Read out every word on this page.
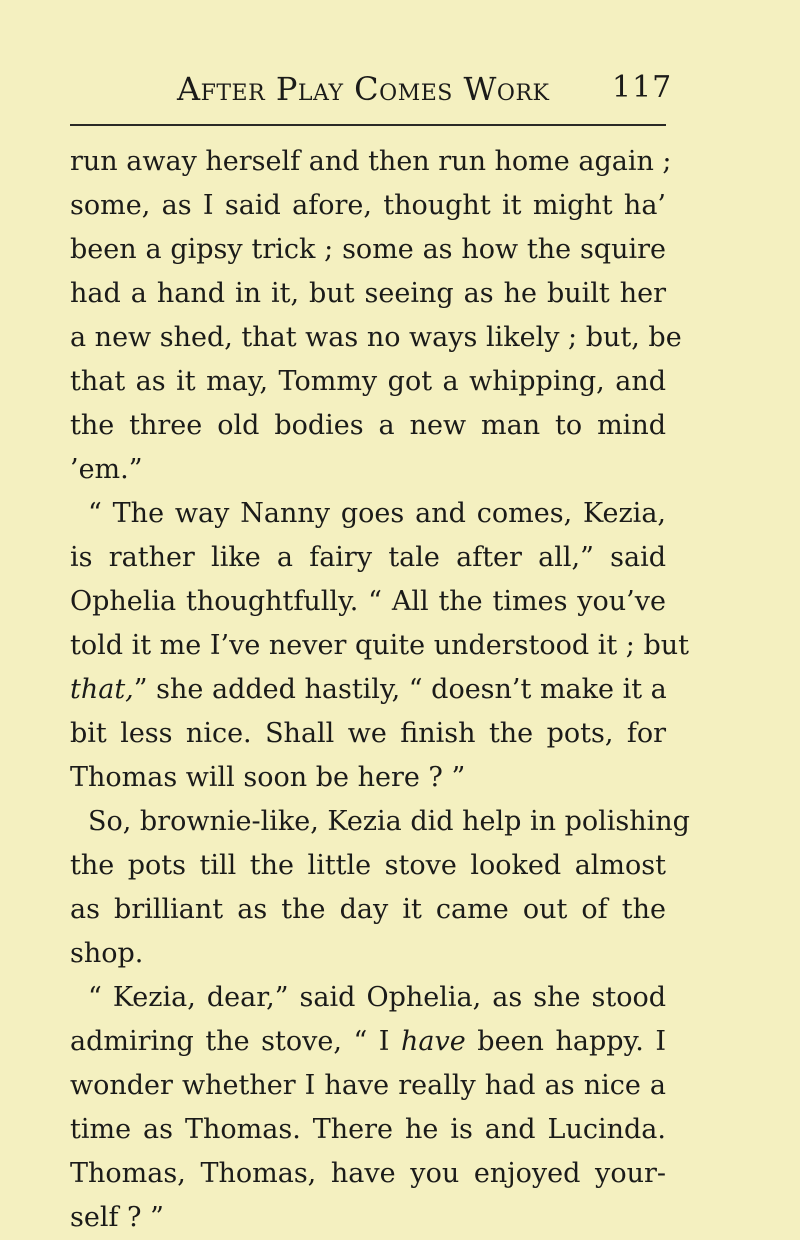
After Play Comes Work 117
run away herself and then run home again ;
some, as I said afore, thought it might ha’
been a gipsy trick ; some as how the squire
had a hand in it, but seeing as he built her
a new shed, that was no ways likely ; but, be
that as it may, Tommy got a whipping, and
the three old bodies a new man to mind
’em.”
“ The way Nanny goes and comes, Kezia,
is rather like a fairy tale after all,” said
Ophelia thoughtfully. “ All the times you’ve
told it me I’ve never quite understood it ; but
that,” she added hastily, “ doesn’t make it a
bit less nice. Shall we finish the pots, for
Thomas will soon be here ? ”
So, brownie-like, Kezia did help in polishing
the pots till the little stove looked almost
as brilliant as the day it came out of the
shop.
“ Kezia, dear,” said Ophelia, as she stood
admiring the stove, “ I have been happy. I
wonder whether I have really had as nice a
time as Thomas. There he is and Lucinda.
Thomas, Thomas, have you enjoyed your-
self ? ”
